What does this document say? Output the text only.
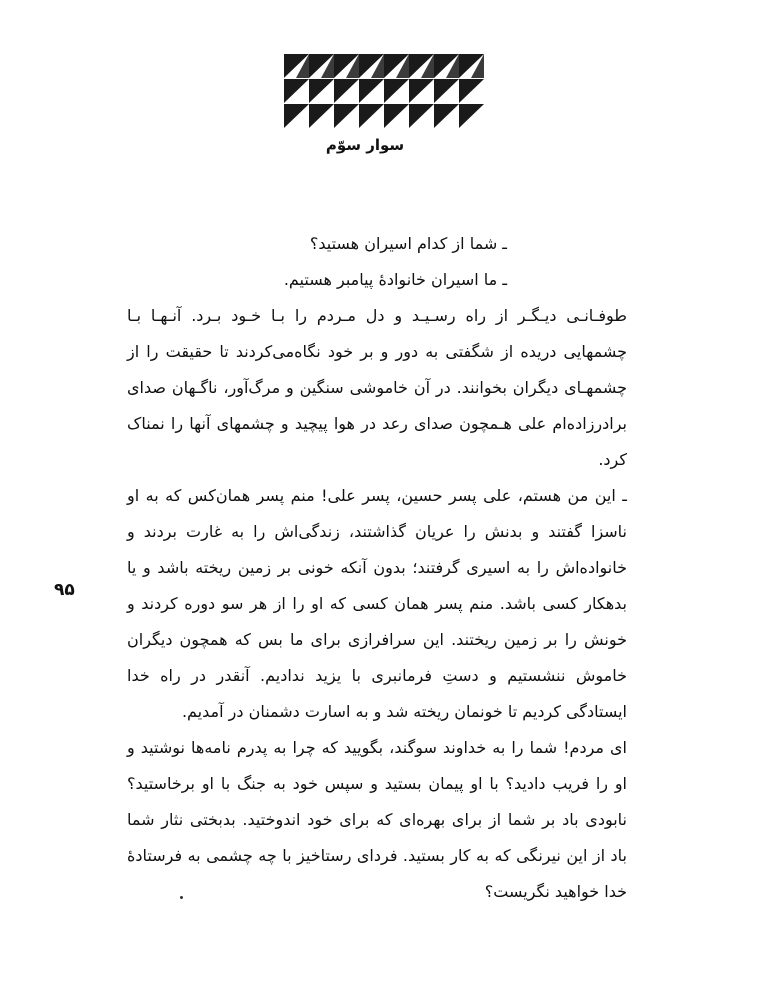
سوار سوّم
۹۵

ـ شما از کدام اسیران هستید؟

ـ ما اسیران خانوادهٔ پیامبر هستیم.

طوفـانـی دیـگـر از راه رسـیـد و دل مـردم را بـا خـود بـرد. آنـهـا بـا چشمهایی دریده از شگفتی به دور و بر خود نگاه‌می‌کردند تا حقیقت را از چشمهـای دیگران بخوانند. در آن خاموشی سنگین و مرگ‌آور، ناگـهان صدای برادرزاده‌ام علی هـمچون صدای رعد در هوا پیچید و چشمهای آنها را نمناک کرد.

ـ این من هستم، علی پسر حسین، پسر علی! منم پسر همان‌کس که به او ناسزا گفتند و بدنش را عریان گذاشتند، زندگی‌اش را به غارت بردند و خانواده‌اش را به اسیری گرفتند؛ بدون آنکه خونی بر زمین ریخته باشد و یا بدهکار کسی باشد. منم پسر همان کسی که او را از هر سو دوره کردند و خونش را بر زمین ریختند. این سرافرازی برای ما بس که همچون دیگران خاموش ننشستیم و دستِ فرمانبری با یزید ندادیم. آنقدر در راه خدا ایستادگی کردیم تا خونمان ریخته شد و به اسارت دشمنان در آمدیم.

ای مردم! شما را به خداوند سوگند، بگویید که چرا به پدرم نامه‌ها نوشتید و او را فریب دادید؟ با او پیمان بستید و سپس خود به جنگ با او برخاستید؟ نابودی باد بر شما از برای بهره‌ای که برای خود اندوختید. بدبختی نثار شما باد از این نیرنگی که به کار بستید. فردای رستاخیز با چه چشمی به فرستادهٔ خدا خواهید نگریست؟
